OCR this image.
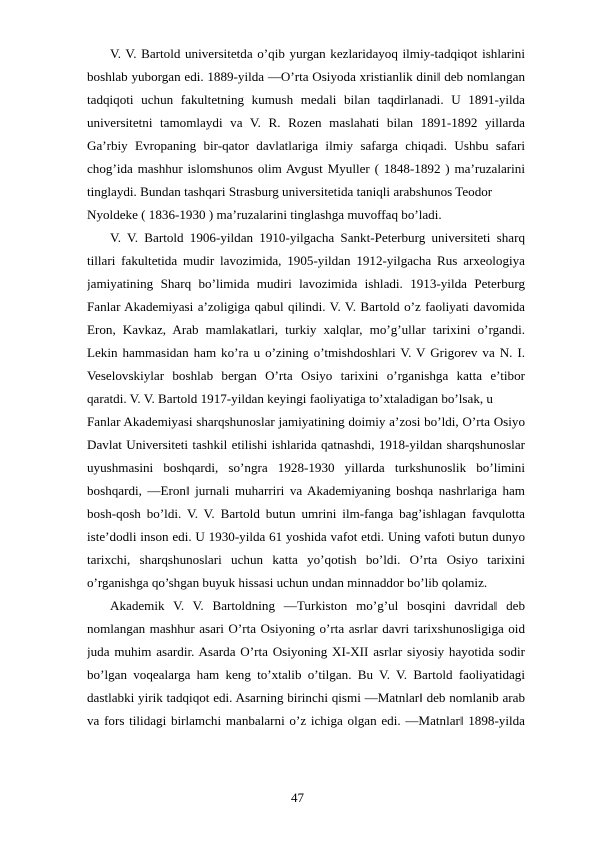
V. V. Bartold universitetda o’qib yurgan kezlaridayoq ilmiy-tadqiqot ishlarini
boshlab yuborgan edi. 1889-yilda ―O’rta Osiyoda xristianlik dini‖ deb nomlangan
tadqiqoti uchun fakultetning kumush medali bilan taqdirlanadi. U 1891-yilda
universitetni tamomlaydi va V. R. Rozen maslahati bilan 1891-1892 yillarda
Ga’rbiy Evropaning bir-qator davlatlariga ilmiy safarga chiqadi. Ushbu safari
chog’ida mashhur islomshunos olim Avgust Myuller ( 1848-1892 ) ma’ruzalarini
tinglaydi. Bundan tashqari Strasburg universitetida taniqli arabshunos Teodor
Nyoldeke ( 1836-1930 ) ma’ruzalarini tinglashga muvoffaq bo’ladi.
V. V. Bartold 1906-yildan 1910-yilgacha Sankt-Peterburg universiteti sharq
tillari fakultetida mudir lavozimida, 1905-yildan 1912-yilgacha Rus arxeologiya
jamiyatining Sharq bo’limida mudiri lavozimida ishladi. 1913-yilda Peterburg
Fanlar Akademiyasi a’zoligiga qabul qilindi. V. V. Bartold o’z faoliyati davomida
Eron, Kavkaz, Arab mamlakatlari, turkiy xalqlar, mo’g’ullar tarixini o’rgandi.
Lekin hammasidan ham ko’ra u o’zining o’tmishdoshlari V. V Grigorev va N. I.
Veselovskiylar boshlab bergan O’rta Osiyo tarixini o’rganishga katta e’tibor
qaratdi. V. V. Bartold 1917-yildan keyingi faoliyatiga to’xtaladigan bo’lsak, u
Fanlar Akademiyasi sharqshunoslar jamiyatining doimiy a’zosi bo’ldi, O’rta Osiyo
Davlat Universiteti tashkil etilishi ishlarida qatnashdi, 1918-yildan sharqshunoslar
uyushmasini boshqardi, so’ngra 1928-1930 yillarda turkshunoslik bo’limini
boshqardi, ―Eron‖ jurnali muharriri va Akademiyaning boshqa nashrlariga ham
bosh-qosh bo’ldi. V. V. Bartold butun umrini ilm-fanga bag’ishlagan favqulotta
iste’dodli inson edi. U 1930-yilda 61 yoshida vafot etdi. Uning vafoti butun dunyo
tarixchi, sharqshunoslari uchun katta yo’qotish bo’ldi. O’rta Osiyo tarixini
o’rganishga qo’shgan buyuk hissasi uchun undan minnaddor bo’lib qolamiz.
Akademik V. V. Bartoldning ―Turkiston mo’g’ul bosqini davrida‖ deb
nomlangan mashhur asari O’rta Osiyoning o’rta asrlar davri tarixshunosligiga oid
juda muhim asardir. Asarda O’rta Osiyoning XI-XII asrlar siyosiy hayotida sodir
bo’lgan voqealarga ham keng to’xtalib o’tilgan. Bu V. V. Bartold faoliyatidagi
dastlabki yirik tadqiqot edi. Asarning birinchi qismi ―Matnlar‖ deb nomlanib arab
va fors tilidagi birlamchi manbalarni o’z ichiga olgan edi. ―Matnlar‖ 1898-yilda
47
